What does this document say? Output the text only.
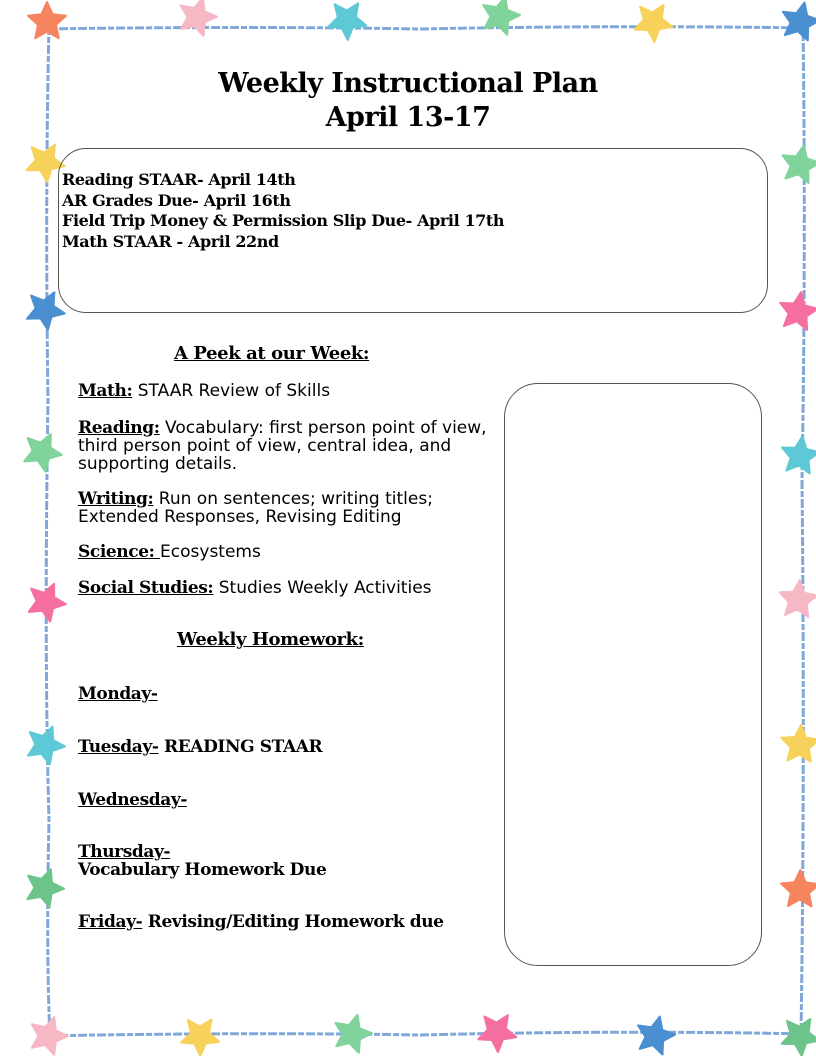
Weekly Instructional Plan
April 13-17
Reading STAAR- April 14th
AR Grades Due- April 16th
Field Trip Money & Permission Slip Due- April 17th
Math STAAR - April 22nd
A Peek at our Week:
Math: STAAR Review of Skills
Reading: Vocabulary: first person point of view, third person point of view, central idea, and supporting details.
Writing: Run on sentences; writing titles; Extended Responses, Revising Editing
Science: Ecosystems
Social Studies: Studies Weekly Activities
Weekly Homework:
Monday-
Tuesday- READING STAAR
Wednesday-
Thursday-
Vocabulary Homework Due
Friday- Revising/Editing Homework due
